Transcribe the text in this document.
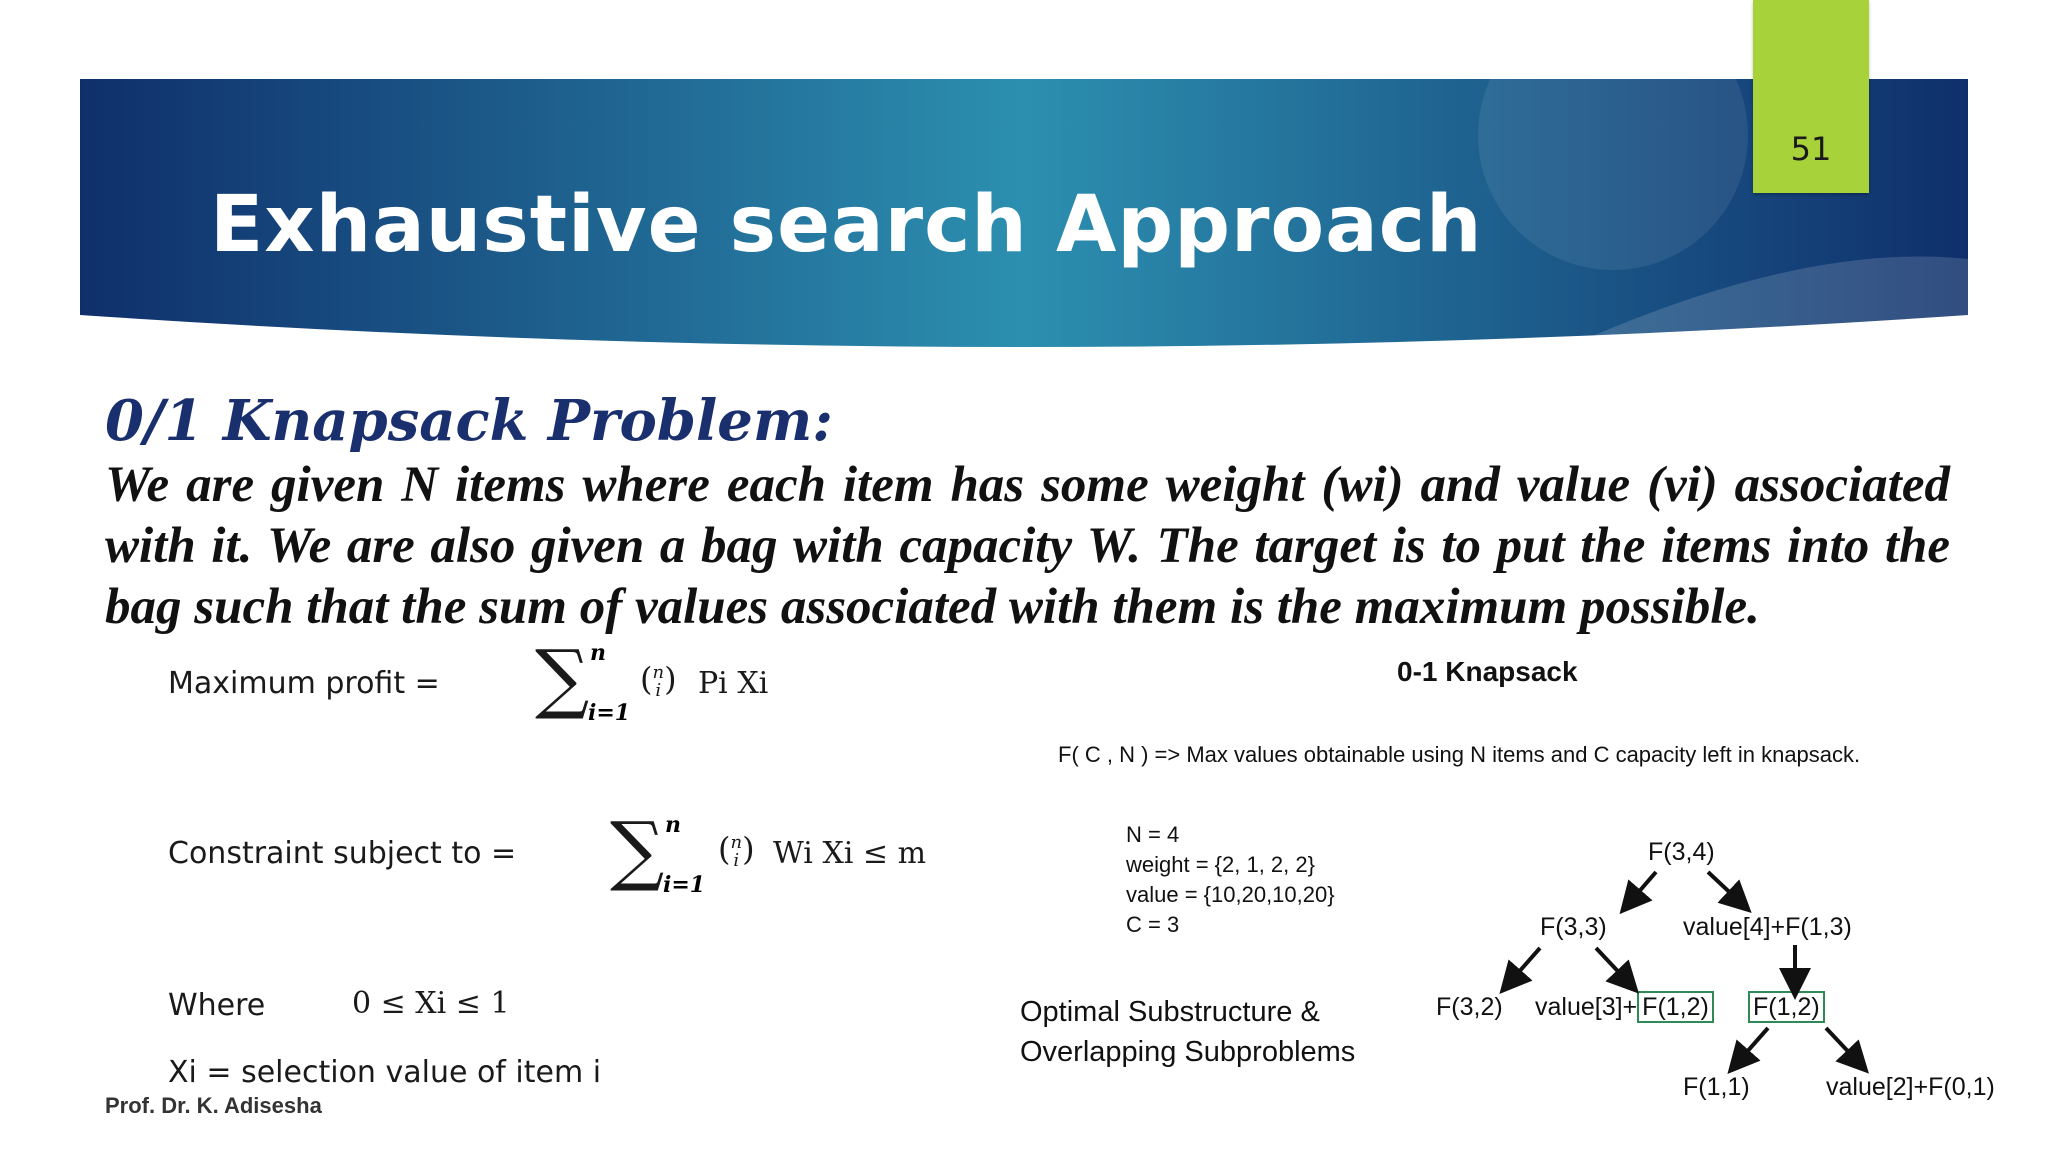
51
Exhaustive search Approach
0/1 Knapsack Problem:
We are given N items where each item has some weight (wi) and value (vi) associated with it. We are also given a bag with capacity W. The target is to put the items into the bag such that the sum of values associated with them is the maximum possible.
Maximum profit = ∑ n
i=1
( n
i ) Pi Xi
Constraint subject to = ∑ n
i=1
( n
i ) Wi Xi ≤ m
Where	0 ≤ Xi ≤ 1
Xi = selection value of item i
Prof. Dr. K. Adisesha
0-1 Knapsack
F( C , N ) => Max values obtainable using N items and C capacity left in knapsack.
N = 4
weight = {2, 1, 2, 2}
value = {10,20,10,20}
C = 3
Optimal Substructure &
Overlapping Subproblems
F(3,4)
F(3,3)	value[4]+F(1,3)
F(3,2) value[3]+ F(1,2) F(1,2)
F(1,1)	value[2]+F(0,1)
